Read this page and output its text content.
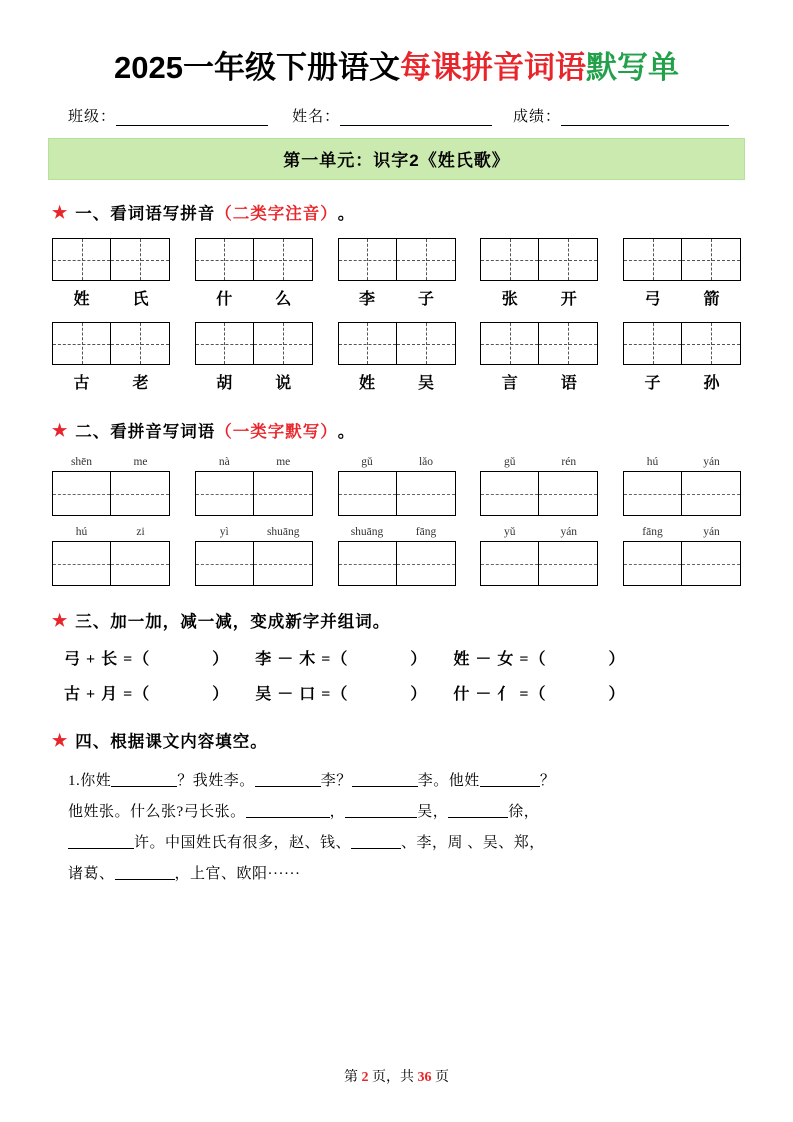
2025一年级下册语文每课拼音词语默写单
班级：	姓名：	成绩：
第一单元：识字2《姓氏歌》
★ 一、 看词语写拼音 （二类字注音） 。
姓	氏	什	么	李	子	张	开	弓	箭
古	老	胡	说	姓	吴	言	语	子	孙
★ 二、 看拼音写词语 （一类字默写） 。
shēn	me	nà	me	gǔ	lǎo	gǔ	rén	hú	yán
hú	zi	yì	shuāng	shuāng	fāng	yǔ	yán	fāng	yán
★ 三、 加一加，减一减，变成新字并组词。
弓 + 长 =（	） 李 － 木 =（	） 姓 － 女 =（	）
古 + 月 =（	） 吴 － 口 =（	） 什 － 亻 =（	）
★ 四、 根据课文内容填空。
1.你姓	？我姓李。	李？	李。他姓	？
他姓张。什么张?弓长张。	，	吴，	徐，
许。中国姓氏有很多，赵、钱、	、李，周 、吴、郑，
诸葛、	，上官、欧阳······
第 2 页，共 36 页
